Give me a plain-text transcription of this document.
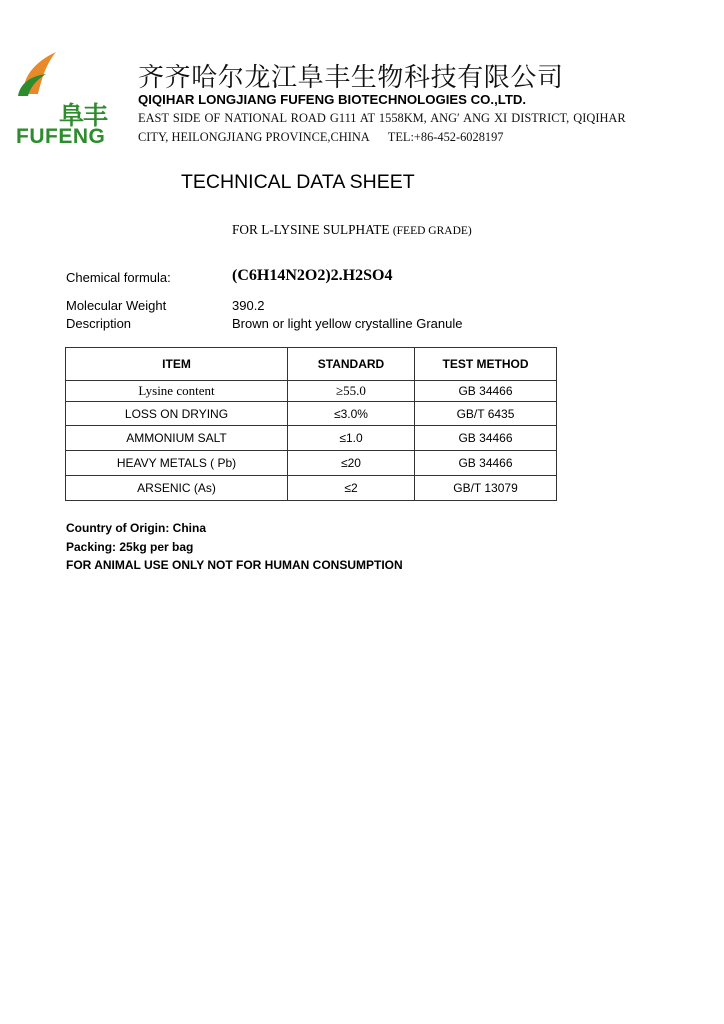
阜丰
FUFENG
齐齐哈尔龙江阜丰生物科技有限公司
QIQIHAR LONGJIANG FUFENG BIOTECHNOLOGIES CO.,LTD.
EAST SIDE OF NATIONAL ROAD G111 AT 1558KM, ANG′ ANG XI DISTRICT, QIQIHAR
CITY, HEILONGJIANG PROVINCE,CHINA TEL:+86-452-6028197
TECHNICAL DATA SHEET
FOR L-LYSINE SULPHATE (FEED GRADE)
Chemical formula:	(C6H14N2O2)2.H2SO4
Molecular Weight	390.2
Description	Brown or light yellow crystalline Granule
ITEM	STANDARD	TEST METHOD
Lysine content	≥55.0	GB 34466
LOSS ON DRYING	≤3.0%	GB/T 6435
AMMONIUM SALT	≤1.0	GB 34466
HEAVY METALS ( Pb)	≤20	GB 34466
ARSENIC (As)	≤2	GB/T 13079
Country of Origin: China
Packing: 25kg per bag
FOR ANIMAL USE ONLY NOT FOR HUMAN CONSUMPTION
